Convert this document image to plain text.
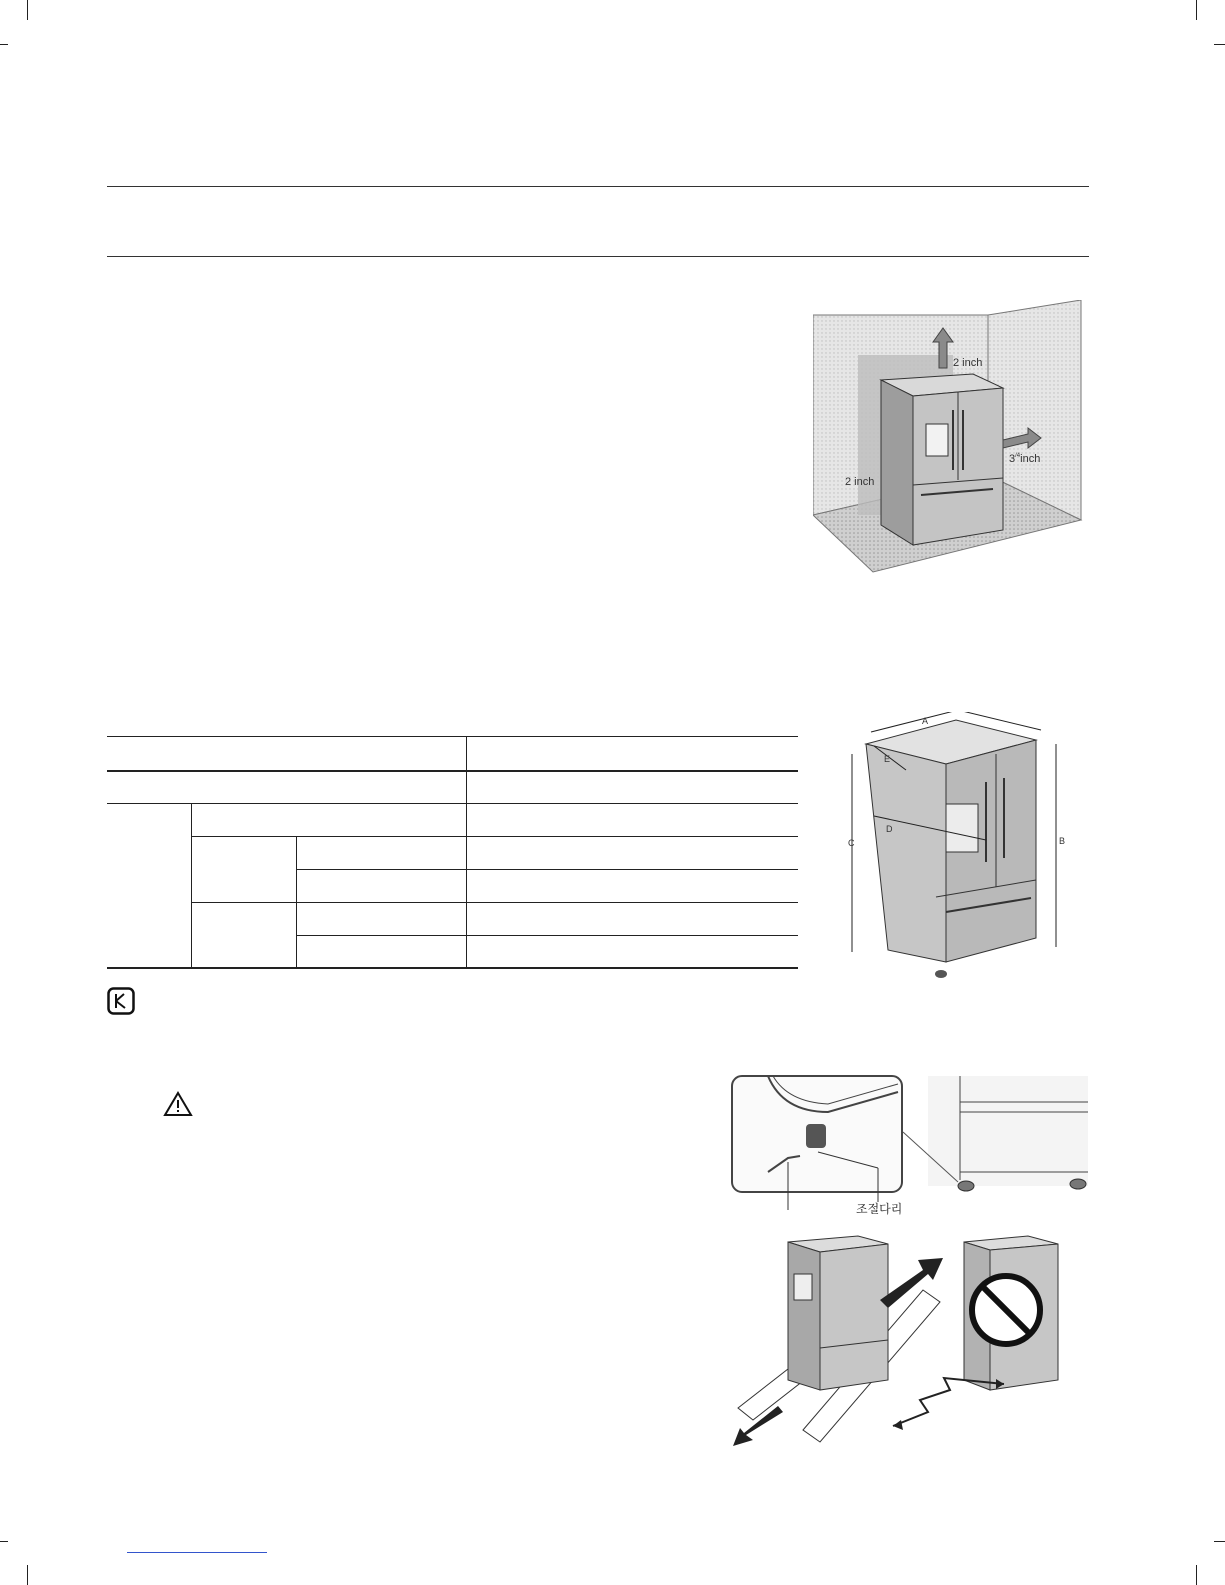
2 inch
$3^{/4}inch$
2 inch
A
B
C
D
E
조절다리
